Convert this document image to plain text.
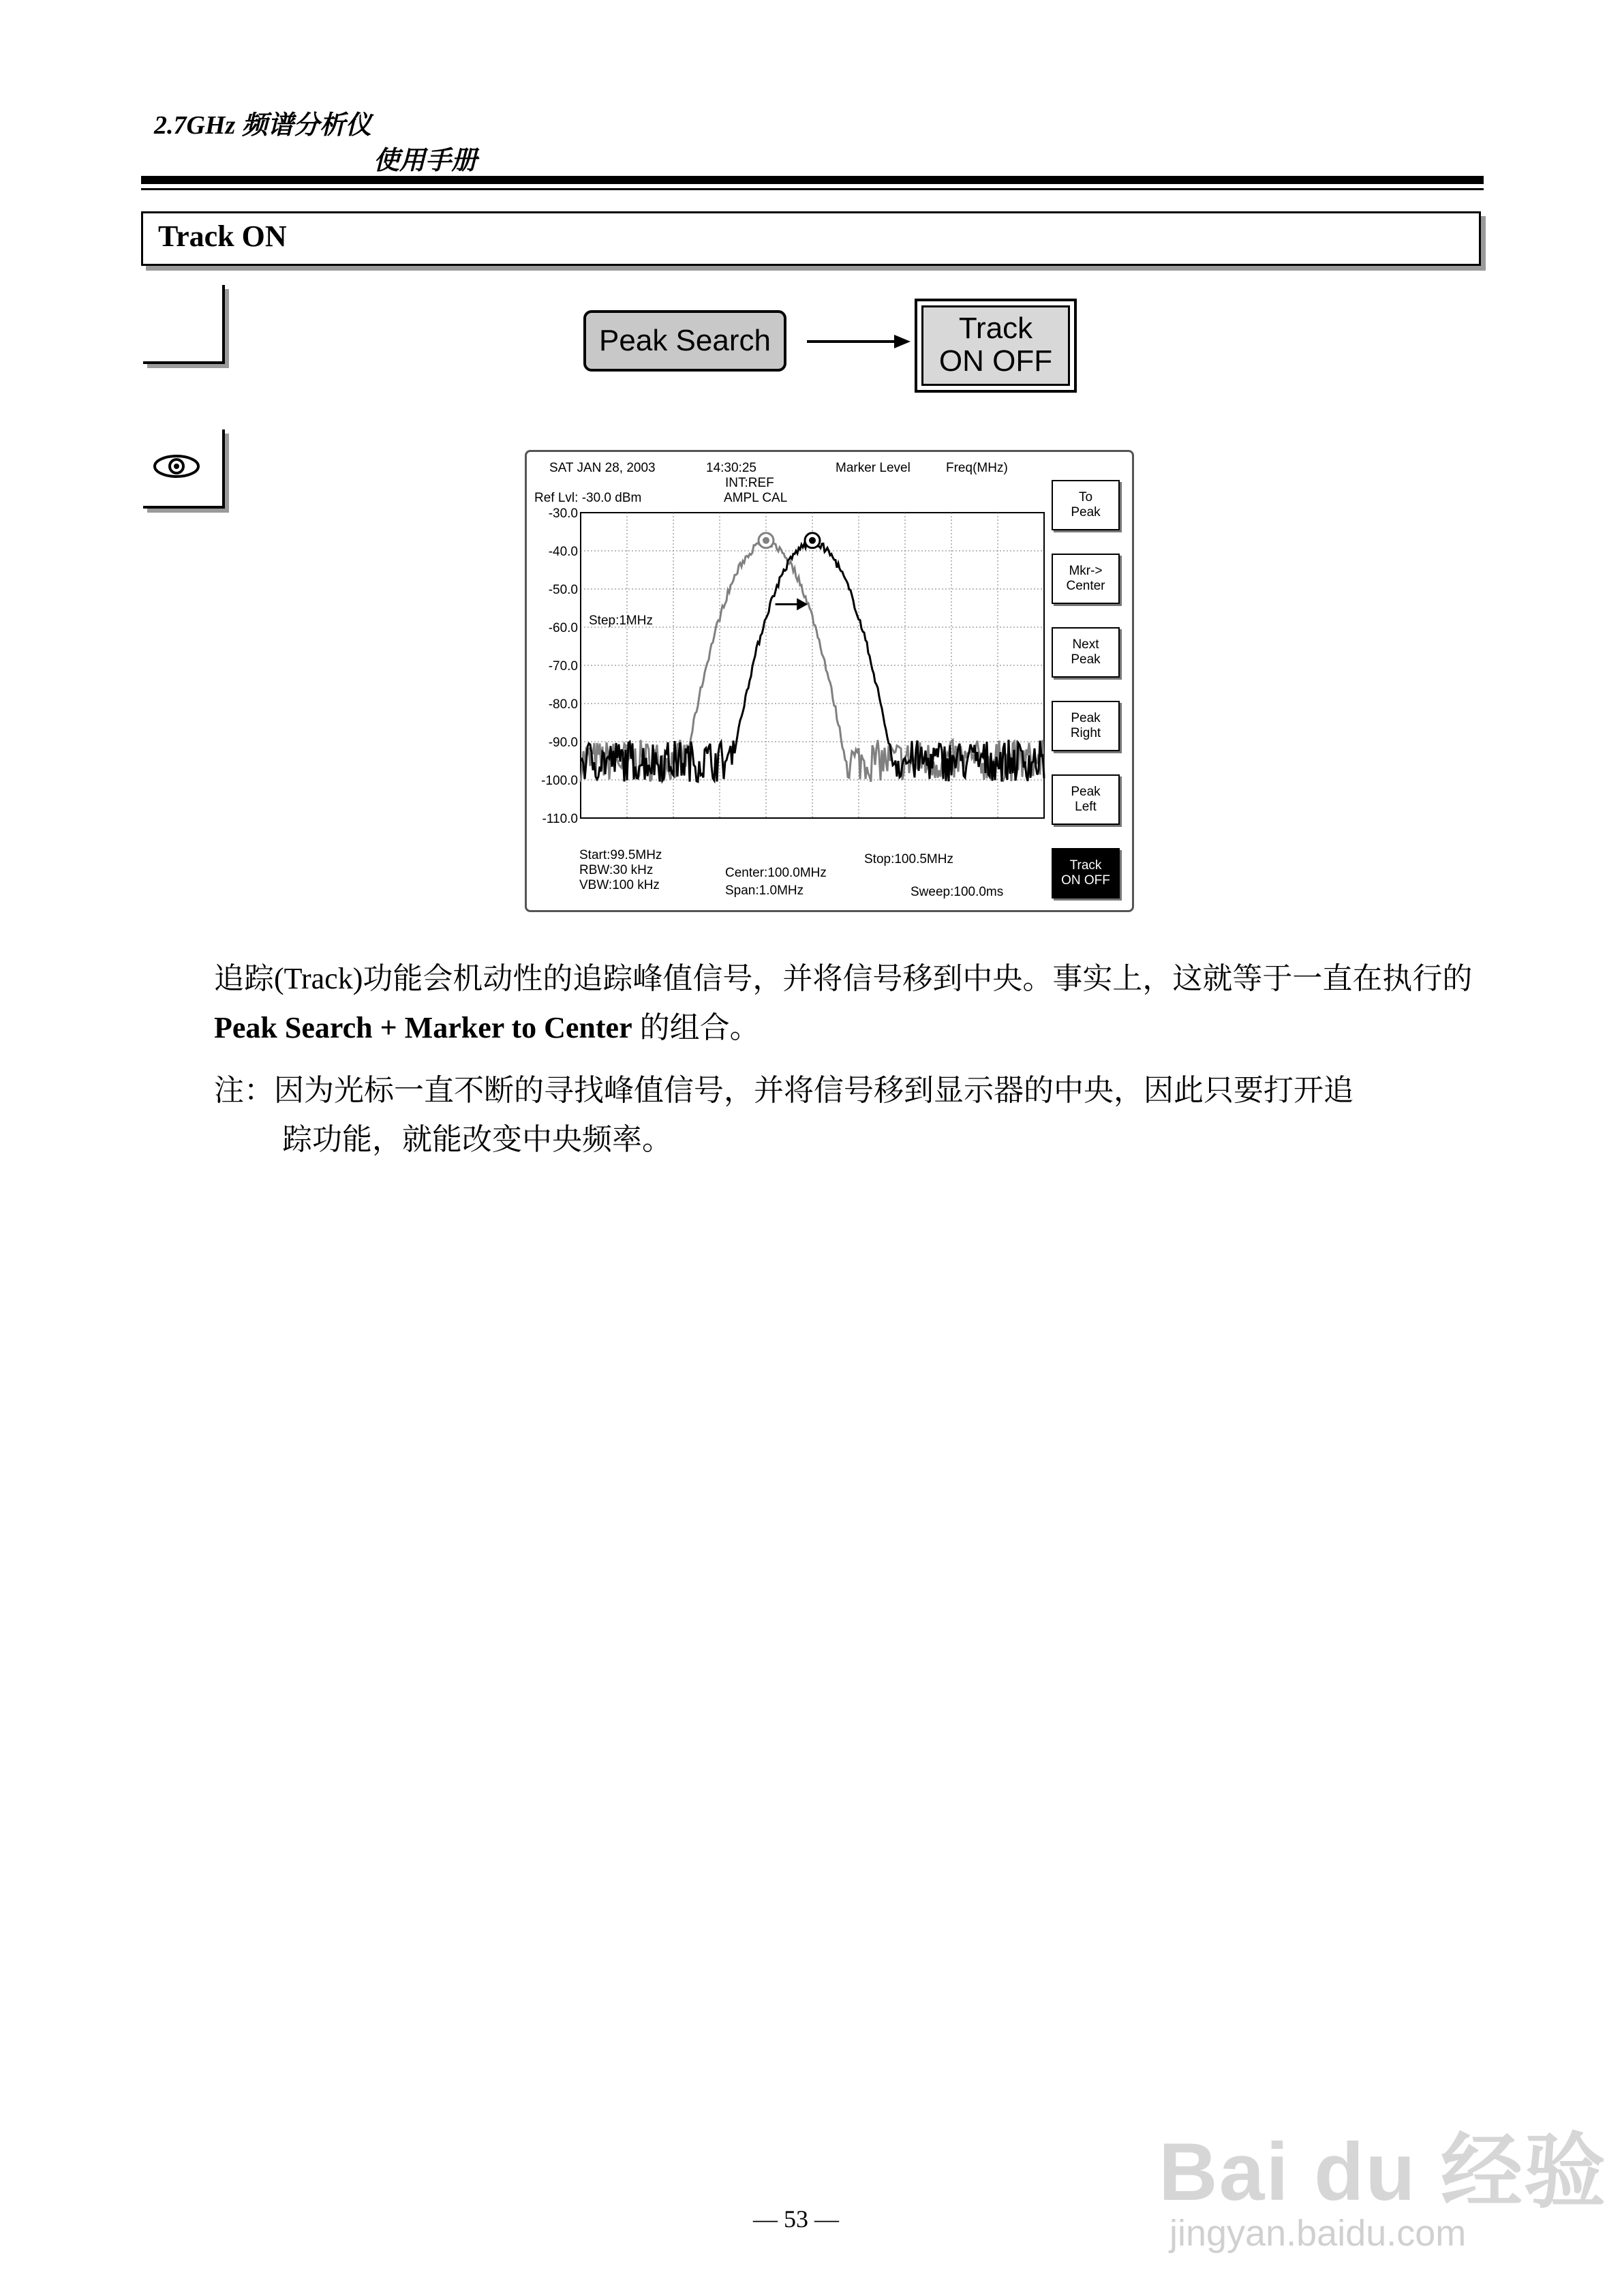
2.7GHz 频谱分析仪
使用手册
Track ON
Peak Search	Track
ON OFF
SAT JAN 28, 2003	14:30:25
INT:REF
Marker Level	Freq(MHz)
Ref Lvl: -30.0 dBm	AMPL CAL
-30.0
-40.0
-50.0
-60.0
-70.0
-80.0
-90.0
-100.0
-110.0
Step:1MHz
Start:99.5MHz
RBW:30 kHz
VBW:100 kHz
Center:100.0MHz
Span:1.0MHz
Stop:100.5MHz
Sweep:100.0ms
To
Peak
Mkr->
Center
Next
Peak
Peak
Right
Peak
Left
Track
ON OFF
追踪(Track)功能会机动性的追踪峰值信号，并将信号移到中央。事实上，这就等于一直在执行的 Peak Search + Marker to Center 的组合。
注：因为光标一直不断的寻找峰值信号，并将信号移到显示器的中央，因此只要打开追
踪功能，就能改变中央频率。
— 53 —
Bai du 经验
jingyan.baidu.com
